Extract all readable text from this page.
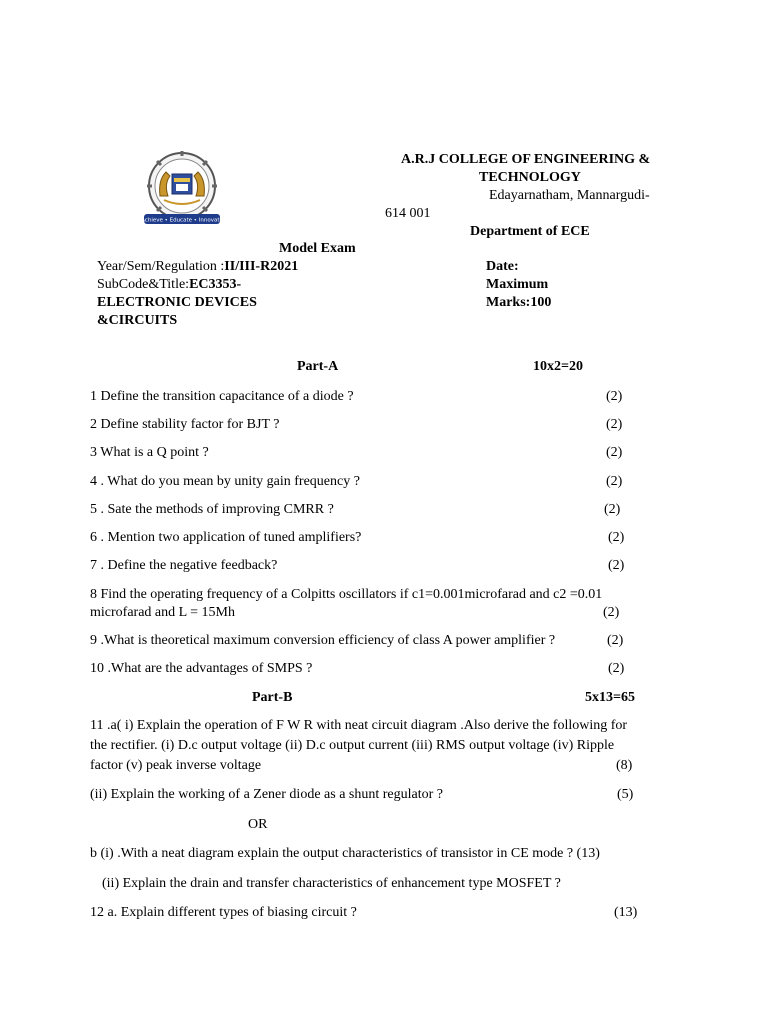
Achieve • Educate • Innovate
A.R.J COLLEGE OF ENGINEERING &
TECHNOLOGY
Edayarnatham, Mannargudi-
614 001
Department of ECE
Model Exam
Year/Sem/Regulation :II/III-R2021
SubCode&Title:EC3353-
ELECTRONIC DEVICES
&CIRCUITS
Date:
Maximum
Marks:100
Part-A	10x2=20
1 Define the transition capacitance of a diode ?	(2)
2 Define stability factor for BJT ?	(2)
3 What is a Q point ?	(2)
4 . What do you mean by unity gain frequency ?	(2)
5 . Sate the methods of improving CMRR ?	(2)
6 . Mention two application of tuned amplifiers?	(2)
7 . Define the negative feedback?	(2)
8 Find the operating frequency of a Colpitts oscillators if c1=0.001microfarad and c2 =0.01
microfarad and L = 15Mh	(2)
9 .What is theoretical maximum conversion efficiency of class A power amplifier ?	(2)
10 .What are the advantages of SMPS ?	(2)
Part-B	5x13=65
11 .a( i) Explain the operation of F W R with neat circuit diagram .Also derive the following for
the rectifier. (i) D.c output voltage (ii) D.c output current (iii) RMS output voltage (iv) Ripple
factor (v) peak inverse voltage	(8)
(ii) Explain the working of a Zener diode as a shunt regulator ?	(5)
OR
b (i) .With a neat diagram explain the output characteristics of transistor in CE mode ? (13)
(ii) Explain the drain and transfer characteristics of enhancement type MOSFET ?
12 a. Explain different types of biasing circuit ?	(13)
